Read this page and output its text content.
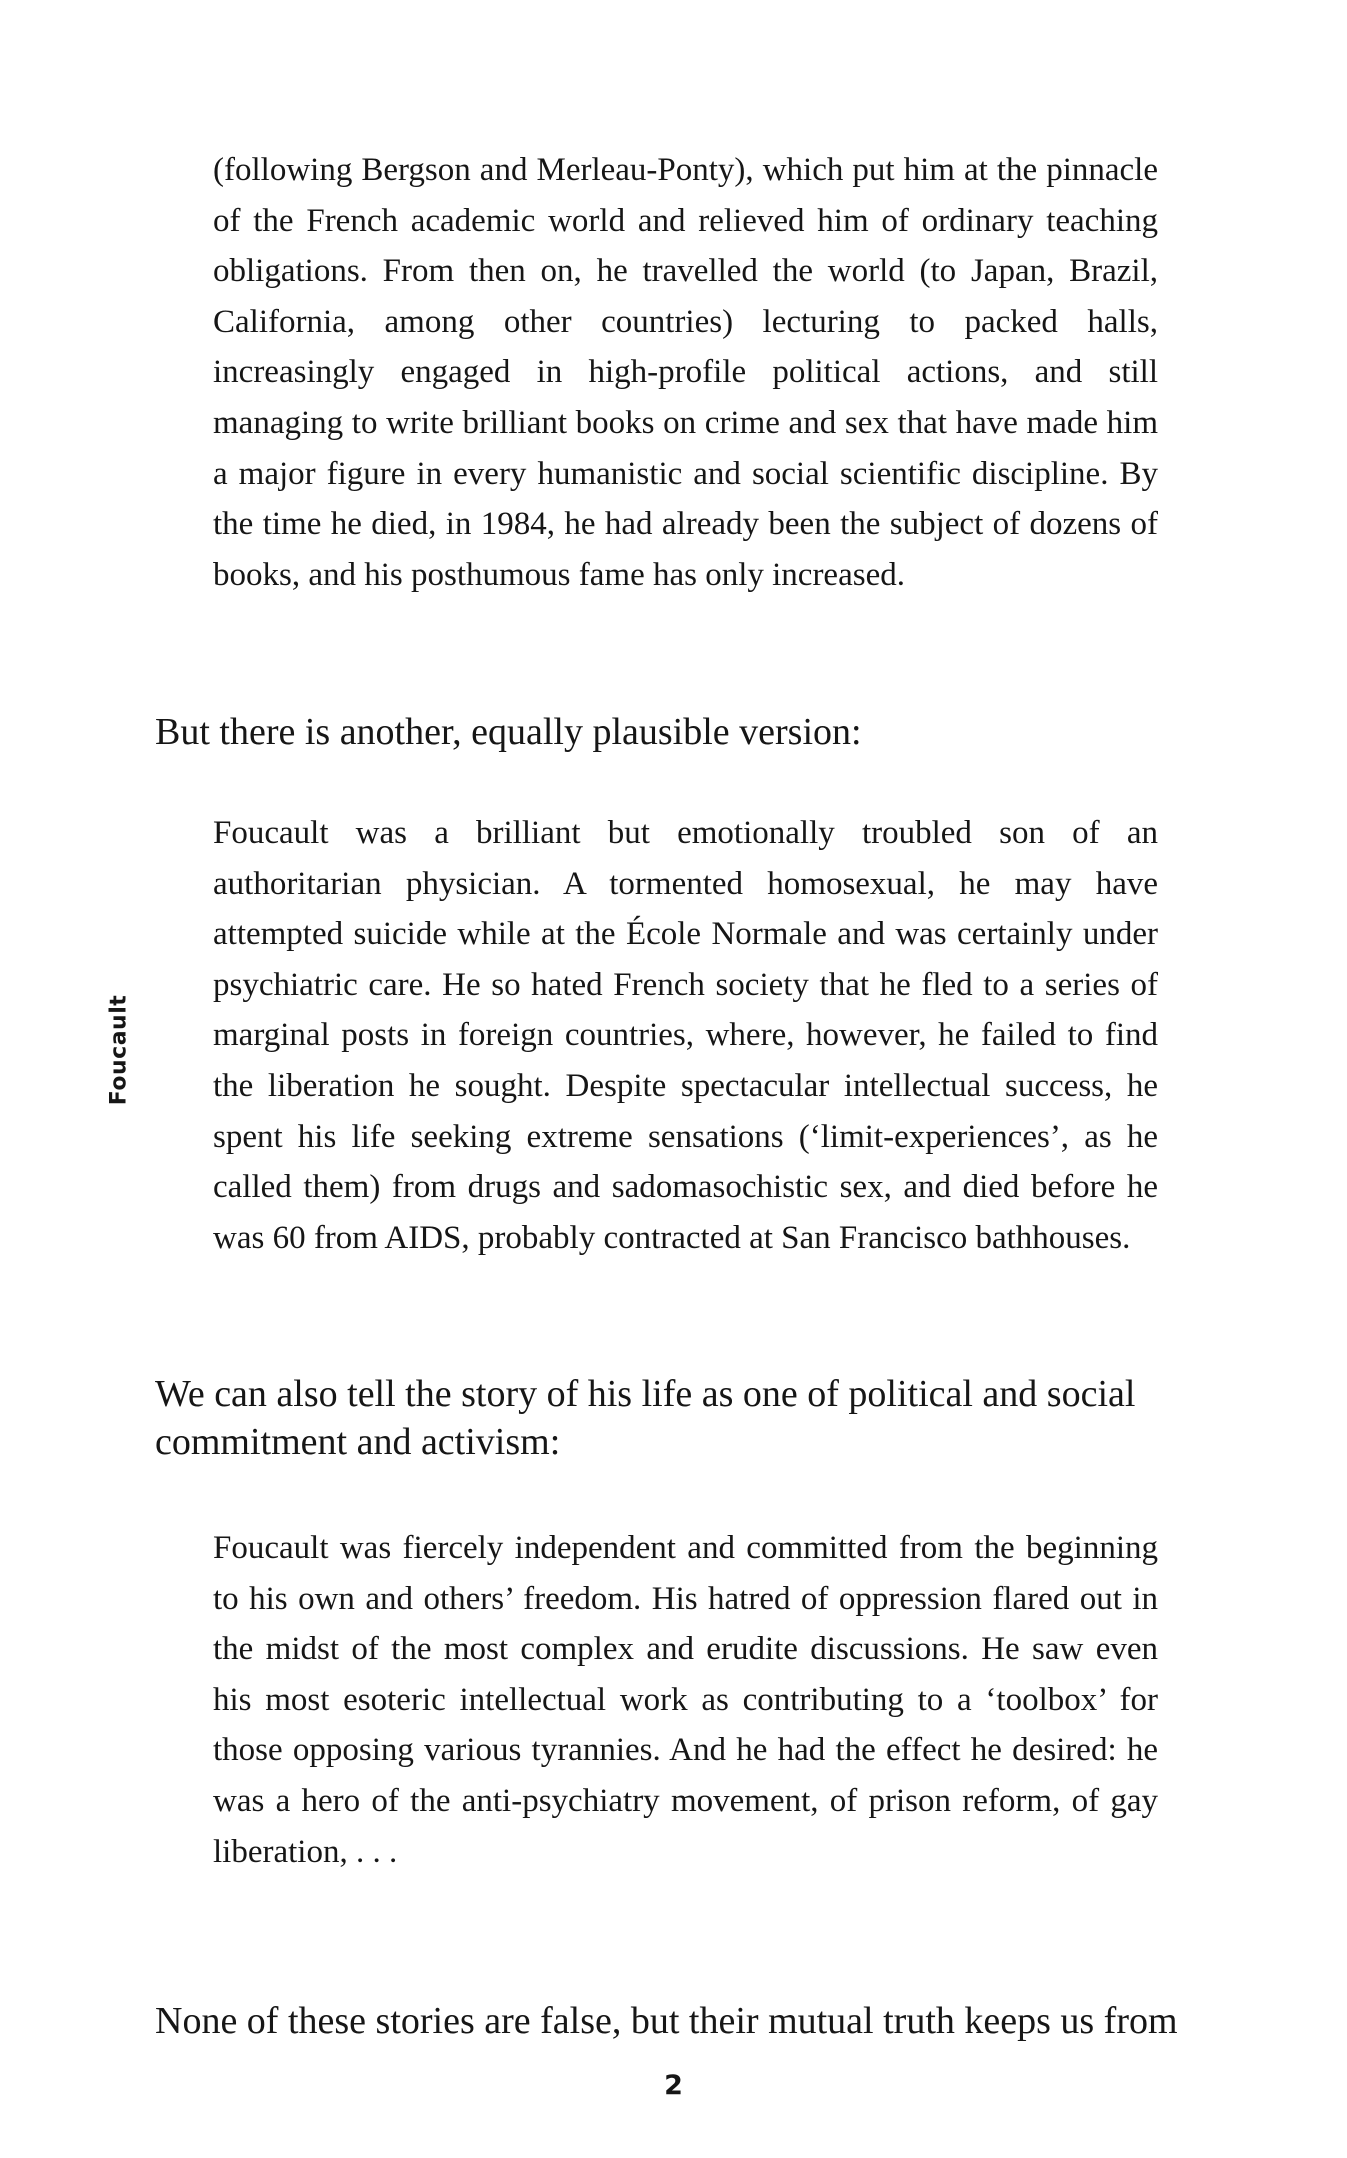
Foucault

(following Bergson and Merleau-Ponty), which put him at the pinnacle of the French academic world and relieved him of ordinary teaching obligations. From then on, he travelled the world (to Japan, Brazil, California, among other countries) lecturing to packed halls, increasingly engaged in high-profile political actions, and still managing to write brilliant books on crime and sex that have made him a major figure in every humanistic and social scientific discipline. By the time he died, in 1984, he had already been the subject of dozens of books, and his posthumous fame has only increased.

But there is another, equally plausible version:

Foucault was a brilliant but emotionally troubled son of an authoritarian physician. A tormented homosexual, he may have attempted suicide while at the École Normale and was certainly under psychiatric care. He so hated French society that he fled to a series of marginal posts in foreign countries, where, however, he failed to find the liberation he sought. Despite spectacular intellectual success, he spent his life seeking extreme sensations (‘limit-experiences’, as he called them) from drugs and sadomasochistic sex, and died before he was 60 from AIDS, probably contracted at San Francisco bathhouses.

We can also tell the story of his life as one of political and social commitment and activism:

Foucault was fiercely independent and committed from the beginning to his own and others’ freedom. His hatred of oppression flared out in the midst of the most complex and erudite discussions. He saw even his most esoteric intellectual work as contributing to a ‘toolbox’ for those opposing various tyrannies. And he had the effect he desired: he was a hero of the anti-psychiatry movement, of prison reform, of gay liberation, . . .

None of these stories are false, but their mutual truth keeps us from

2
